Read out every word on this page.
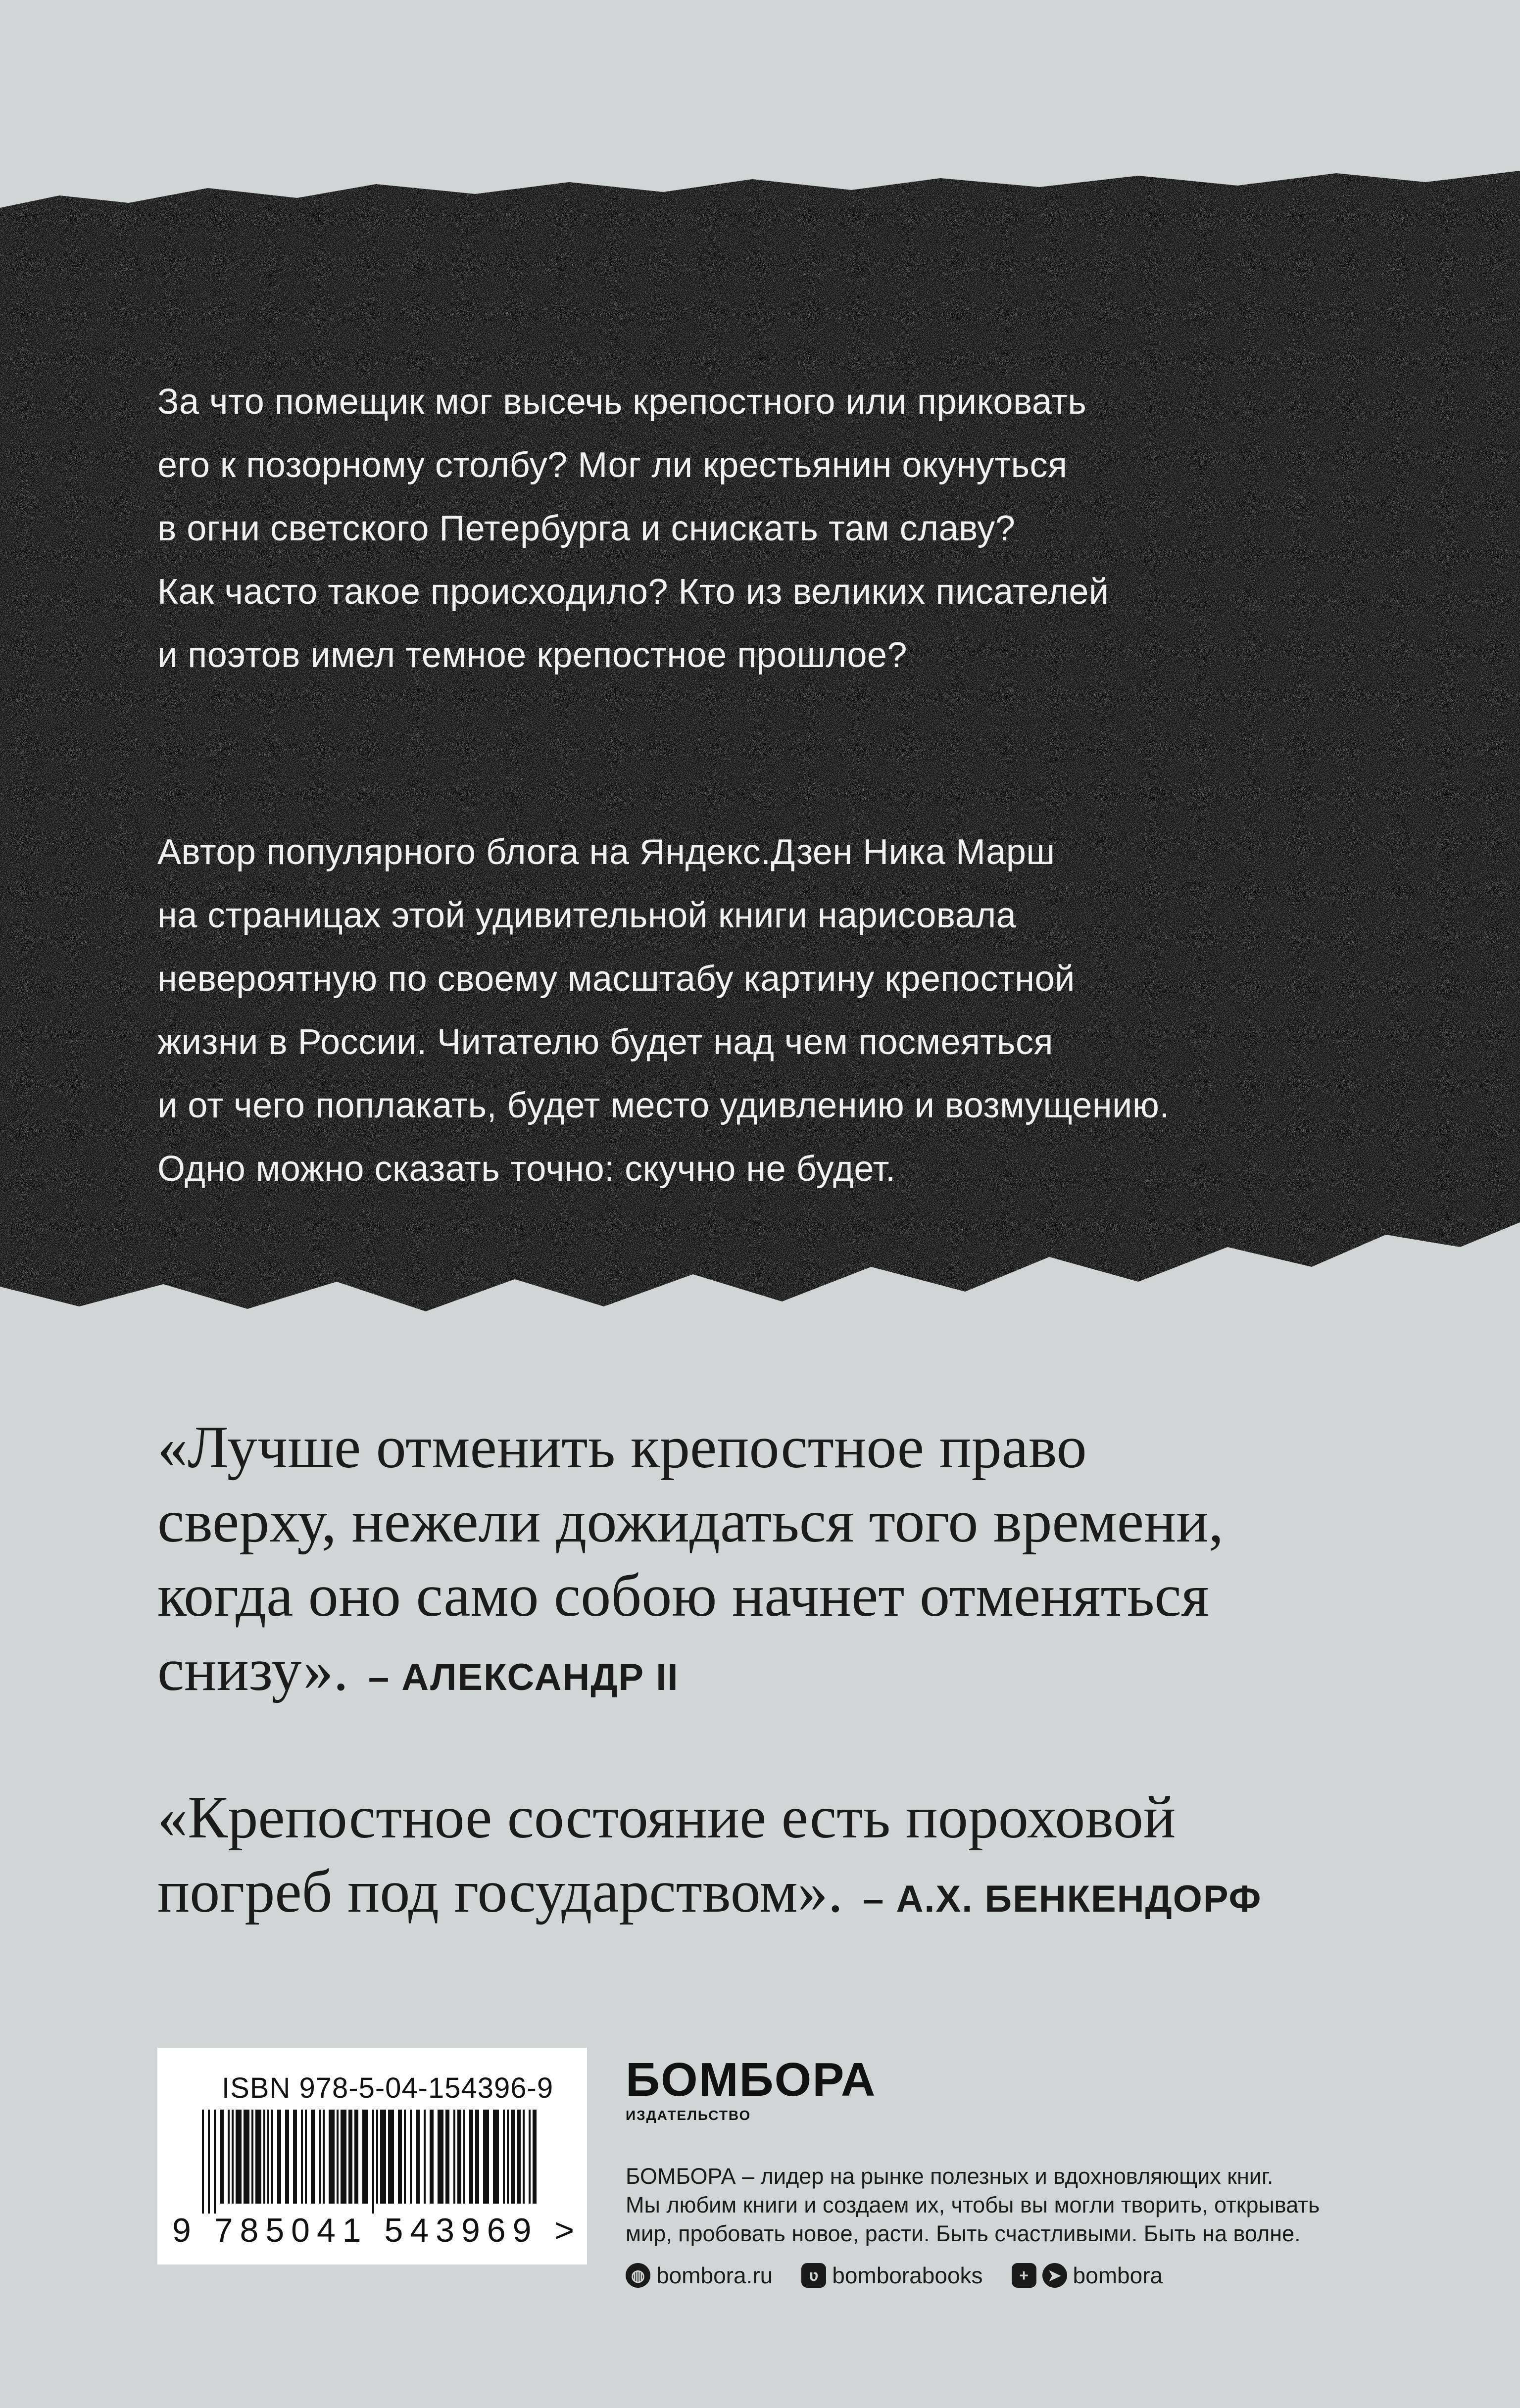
За что помещик мог высечь крепостного или приковать

его к позорному столбу? Мог ли крестьянин окунуться

в огни светского Петербурга и снискать там славу?

Как часто такое происходило? Кто из великих писателей

и поэтов имел темное крепостное прошлое?

Автор популярного блога на Яндекс.Дзен Ника Марш

на страницах этой удивительной книги нарисовала

невероятную по своему масштабу картину крепостной

жизни в России. Читателю будет над чем посмеяться

и от чего поплакать, будет место удивлению и возмущению.

Одно можно сказать точно: скучно не будет.

«Лучше отменить крепостное право
сверху, нежели дожидаться того времени,
когда оно само собою начнет отменяться
снизу». – АЛЕКСАНДР II
«Крепостное состояние есть пороховой
погреб под государством». – А.Х. БЕНКЕНДОРФ
ISBN 978-5-04-154396-9
9 785041 543969 >
БОМБОРА
ИЗДАТЕЛЬСТВО

БОМБОРА – лидер на рынке полезных и вдохновляющих книг.

Мы любим книги и создаем их, чтобы вы могли творить, открывать

мир, пробовать новое, расти. Быть счастливыми. Быть на волне.

◍ bombora.ru	ʋ bomborabooks	+	➤ bombora
